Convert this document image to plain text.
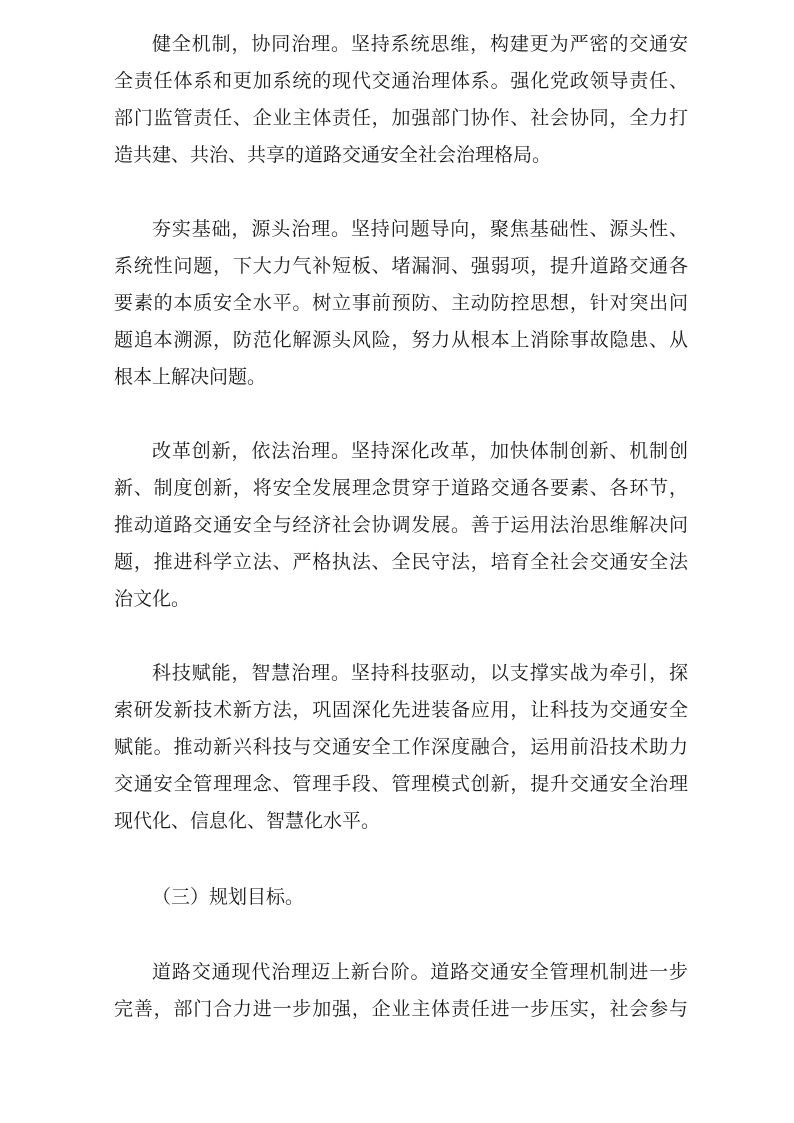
健全机制，协同治理。坚持系统思维，构建更为严密的交通安
全责任体系和更加系统的现代交通治理体系。强化党政领导责任、
部门监管责任、企业主体责任，加强部门协作、社会协同，全力打
造共建、共治、共享的道路交通安全社会治理格局。
夯实基础，源头治理。坚持问题导向，聚焦基础性、源头性、
系统性问题，下大力气补短板、堵漏洞、强弱项，提升道路交通各
要素的本质安全水平。树立事前预防、主动防控思想，针对突出问
题追本溯源，防范化解源头风险，努力从根本上消除事故隐患、从
根本上解决问题。
改革创新，依法治理。坚持深化改革，加快体制创新、机制创
新、制度创新，将安全发展理念贯穿于道路交通各要素、各环节，
推动道路交通安全与经济社会协调发展。善于运用法治思维解决问
题，推进科学立法、严格执法、全民守法，培育全社会交通安全法
治文化。
科技赋能，智慧治理。坚持科技驱动，以支撑实战为牵引，探
索研发新技术新方法，巩固深化先进装备应用，让科技为交通安全
赋能。推动新兴科技与交通安全工作深度融合，运用前沿技术助力
交通安全管理理念、管理手段、管理模式创新，提升交通安全治理
现代化、信息化、智慧化水平。
（三）规划目标。
道路交通现代治理迈上新台阶。道路交通安全管理机制进一步
完善，部门合力进一步加强，企业主体责任进一步压实，社会参与
